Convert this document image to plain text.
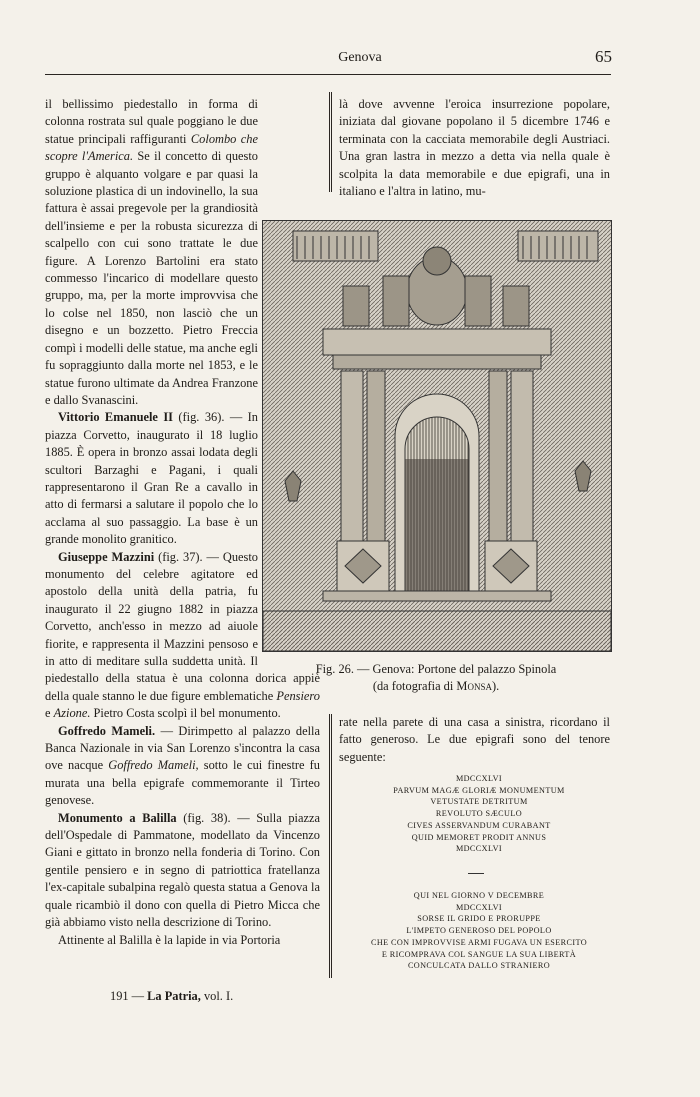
Genova	65

il bellissimo piedestallo in forma di colonna rostrata sul quale poggiano le due statue principali raffiguranti Colombo che scopre l'America. Se il concetto di questo gruppo è alquanto volgare e par quasi la soluzione plastica di un indovinello, la sua fattura è assai pregevole per la grandiosità dell'insieme e per la robusta sicurezza di scalpello con cui sono trattate le due figure. A Lorenzo Bartolini era stato commesso l'incarico di modellare questo gruppo, ma, per la morte improvvisa che lo colse nel 1850, non lasciò che un disegno e un bozzetto. Pietro Freccia compì i modelli delle statue, ma anche egli fu sopraggiunto dalla morte nel 1853, e le statue furono ultimate da Andrea Franzone e dallo Svanascini.

Vittorio Emanuele II (fig. 36). — In piazza Corvetto, inaugurato il 18 luglio 1885. È opera in bronzo assai lodata degli scultori Barzaghi e Pagani, i quali rappresentarono il Gran Re a cavallo in atto di fermarsi a salutare il popolo che lo acclama al suo passaggio. La base è un grande monolito granitico.

Giuseppe Mazzini (fig. 37). — Questo monumento del celebre agitatore ed apostolo della unità della patria, fu inaugurato il 22 giugno 1882 in piazza Corvetto, anch'esso in mezzo ad aiuole fiorite, e rappresenta il Mazzini pensoso e in atto di meditare sulla suddetta unità. Il piedestallo della statua è una colonna dorica appiè della quale stanno le due figure emblematiche Pensiero e Azione. Pietro Costa scolpì il bel monumento.

Goffredo Mameli. — Dirimpetto al palazzo della Banca Nazionale in via San Lorenzo s'incontra la casa ove nacque Goffredo Mameli, sotto le cui finestre fu murata una bella epigrafe commemorante il Tirteo genovese.

Monumento a Balilla (fig. 38). — Sulla piazza dell'Ospedale di Pammatone, modellato da Vincenzo Giani e gittato in bronzo nella fonderia di Torino. Con gentile pensiero e in segno di patriottica fratellanza l'ex-capitale subalpina regalò questa statua a Genova la quale ricambiò il dono con quella di Pietro Micca che già abbiamo visto nella descrizione di Torino.

Attinente al Balilla è la lapide in via Portoria

là dove avvenne l'eroica insurrezione popolare, iniziata dal giovane popolano il 5 dicembre 1746 e terminata con la cacciata memorabile degli Austriaci. Una gran lastra in mezzo a detta via nella quale è scolpita la data memorabile e due epigrafi, una in italiano e l'altra in latino, mu-

Fig. 26. — Genova: Portone del palazzo Spinola
(da fotografia di Monsa).

rate nella parete di una casa a sinistra, ricordano il fatto generoso. Le due epigrafi sono del tenore seguente:

MDCCXLVI
PARVUM MAGÆ GLORIÆ MONUMENTUM
VETUSTATE DETRITUM
REVOLUTO SÆCULO
CIVES ASSERVANDUM CURABANT
QUID MEMORET PRODIT ANNUS
MDCCXLVI
QUI NEL GIORNO V DECEMBRE
MDCCXLVI
SORSE IL GRIDO E PRORUPPE
L'IMPETO GENEROSO DEL POPOLO
CHE CON IMPROVVISE ARMI FUGAVA UN ESERCITO
E RICOMPRAVA COL SANGUE LA SUA LIBERTÀ
CONCULCATA DALLO STRANIERO
191 — La Patria, vol. I.
